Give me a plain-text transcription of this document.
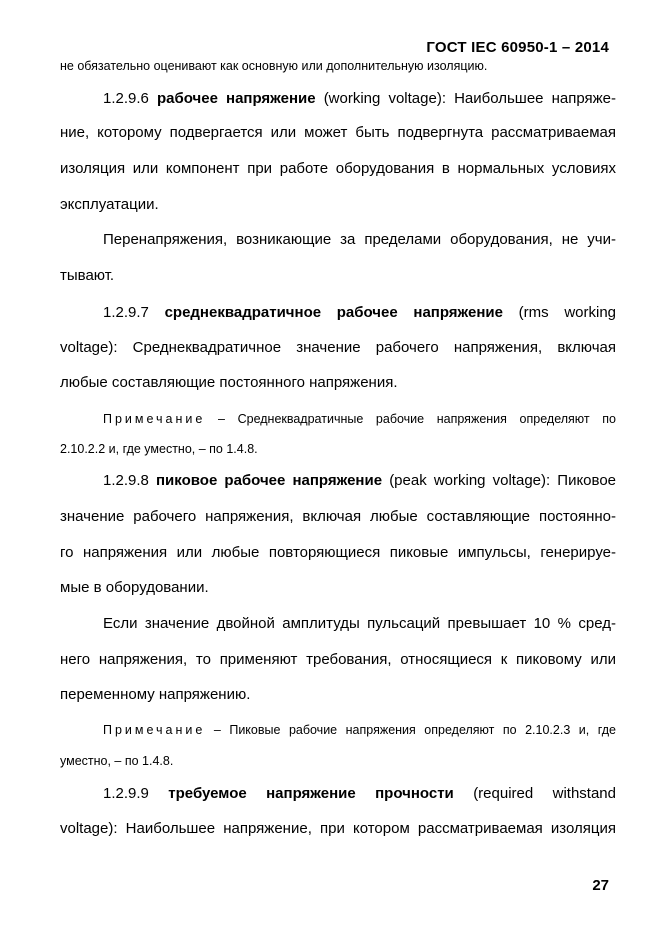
ГОСТ IEC 60950-1 – 2014
не обязательно оценивают как основную или дополнительную изоляцию.
1.2.9.6 рабочее напряжение (working voltage): Наибольшее напряже-
ние, которому подвергается или может быть подвергнута рассматриваемая
изоляция или компонент при работе оборудования в нормальных условиях
эксплуатации.
Перенапряжения, возникающие за пределами оборудования, не учи-
тывают.
1.2.9.7 среднеквадратичное рабочее напряжение (rms working
voltage): Среднеквадратичное значение рабочего напряжения, включая
любые составляющие постоянного напряжения.
Примечание – Среднеквадратичные рабочие напряжения определяют по
2.10.2.2 и, где уместно, – по 1.4.8.
1.2.9.8 пиковое рабочее напряжение (peak working voltage): Пиковое
значение рабочего напряжения, включая любые составляющие постоянно-
го напряжения или любые повторяющиеся пиковые импульсы, генерируе-
мые в оборудовании.
Если значение двойной амплитуды пульсаций превышает 10 % сред-
него напряжения, то применяют требования, относящиеся к пиковому или
переменному напряжению.
Примечание – Пиковые рабочие напряжения определяют по 2.10.2.3 и, где
уместно, – по 1.4.8.
1.2.9.9 требуемое напряжение прочности (required withstand
voltage): Наибольшее напряжение, при котором рассматриваемая изоляция
27
